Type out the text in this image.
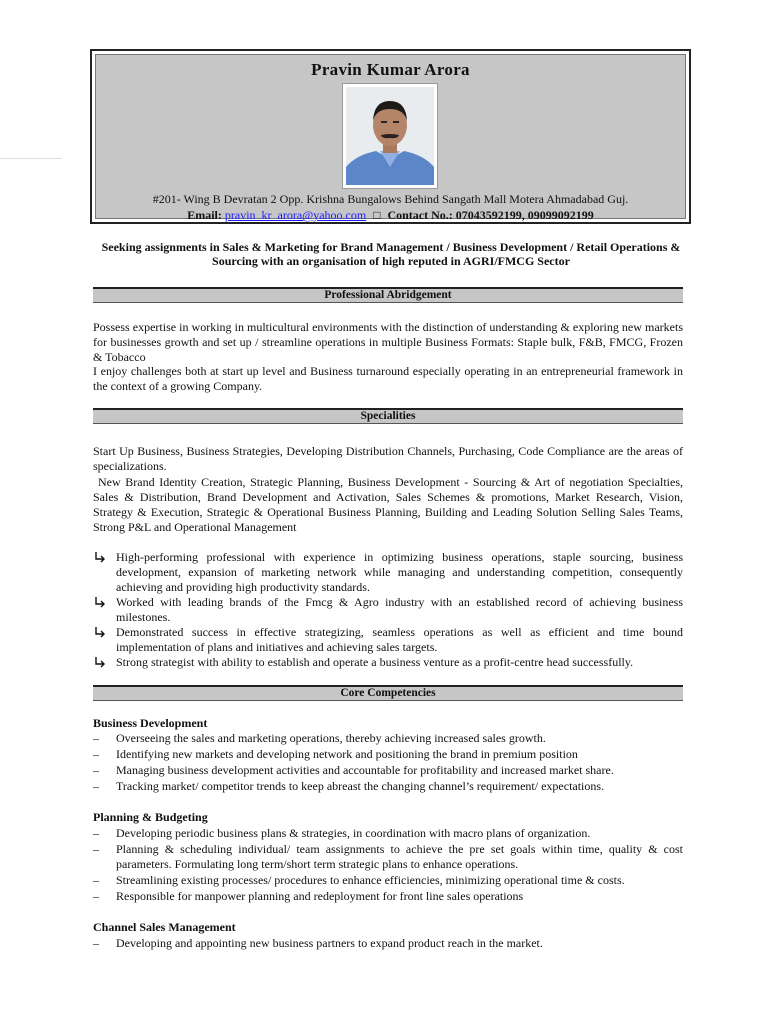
Pravin Kumar Arora
#201- Wing B Devratan 2 Opp. Krishna Bungalows Behind Sangath Mall Motera Ahmadabad Guj.
Email: pravin_kr_arora@yahoo.com □ Contact No.: 07043592199, 09099092199
Seeking assignments in Sales & Marketing for Brand Management / Business Development / Retail Operations & Sourcing with an organisation of high reputed in AGRI/FMCG Sector
Professional Abridgement

Possess expertise in working in multicultural environments with the distinction of understanding & exploring new markets for businesses growth and set up / streamline operations in multiple Business Formats: Staple bulk, F&B, FMCG, Frozen & Tobacco

I enjoy challenges both at start up level and Business turnaround especially operating in an entrepreneurial framework in the context of a growing Company.

Specialities

Start Up Business, Business Strategies, Developing Distribution Channels, Purchasing, Code Compliance are the areas of specializations.

New Brand Identity Creation, Strategic Planning, Business Development - Sourcing & Art of negotiation Specialties, Sales & Distribution, Brand Development and Activation, Sales Schemes & promotions, Market Research, Vision, Strategy & Execution, Strategic & Operational Business Planning, Building and Leading Solution Selling Sales Teams, Strong P&L and Operational Management

High-performing professional with experience in optimizing business operations, staple sourcing, business development, expansion of marketing network while managing and understanding competition, consequently achieving and providing high productivity standards.
Worked with leading brands of the Fmcg & Agro industry with an established record of achieving business milestones.
Demonstrated success in effective strategizing, seamless operations as well as efficient and time bound implementation of plans and initiatives and achieving sales targets.
Strong strategist with ability to establish and operate a business venture as a profit-centre head successfully.
Core Competencies
Business Development
– Overseeing the sales and marketing operations, thereby achieving increased sales growth.
– Identifying new markets and developing network and positioning the brand in premium position
– Managing business development activities and accountable for profitability and increased market share.
– Tracking market/ competitor trends to keep abreast the changing channel’s requirement/ expectations.
Planning & Budgeting
– Developing periodic business plans & strategies, in coordination with macro plans of organization.
– Planning & scheduling individual/ team assignments to achieve the pre set goals within time, quality & cost parameters. Formulating long term/short term strategic plans to enhance operations.
– Streamlining existing processes/ procedures to enhance efficiencies, minimizing operational time & costs.
– Responsible for manpower planning and redeployment for front line sales operations
Channel Sales Management
– Developing and appointing new business partners to expand product reach in the market.
